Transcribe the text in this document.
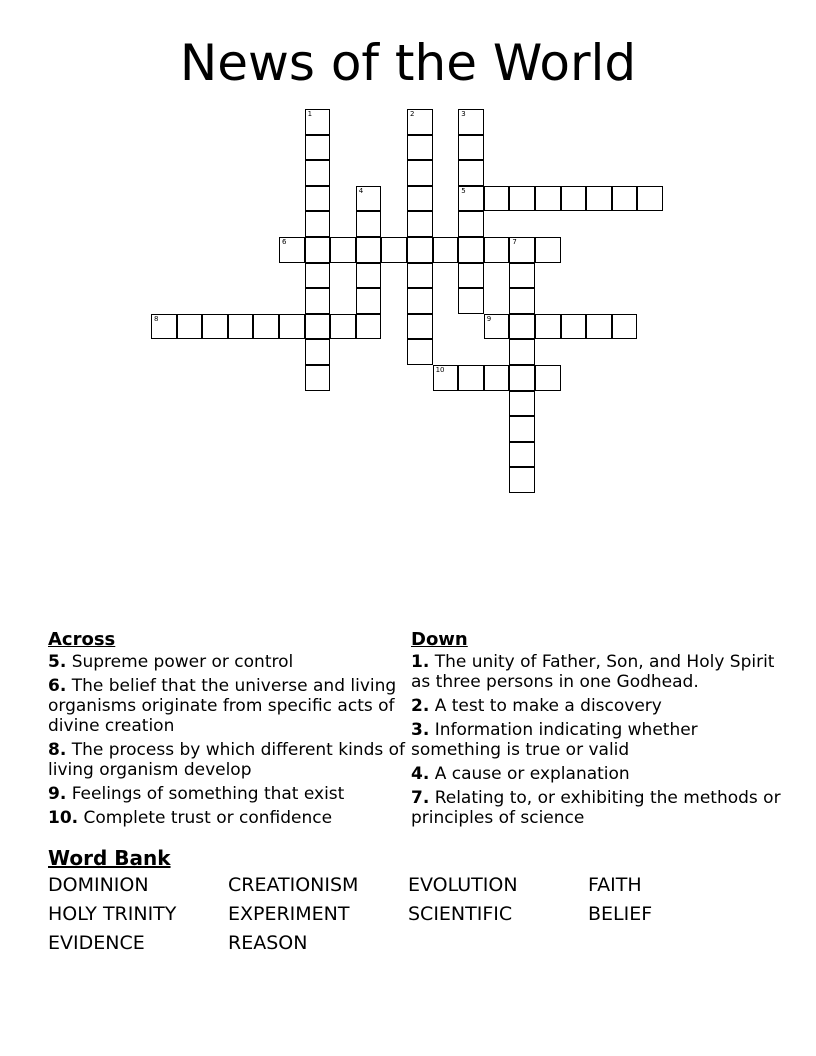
News of the World
1	2	3
5
4
6	7
8	9
10
Across
5. Supreme power or control
6. The belief that the universe and living organisms originate from specific acts of divine creation
8. The process by which different kinds of living organism develop
9. Feelings of something that exist
10. Complete trust or confidence
Down
1. The unity of Father, Son, and Holy Spirit as three persons in one Godhead.
2. A test to make a discovery
3. Information indicating whether something is true or valid
4. A cause or explanation
7. Relating to, or exhibiting the methods or principles of science
Word Bank
DOMINION	CREATIONISM	EVOLUTION	FAITH
HOLY TRINITY	EXPERIMENT	SCIENTIFIC	BELIEF
EVIDENCE	REASON
